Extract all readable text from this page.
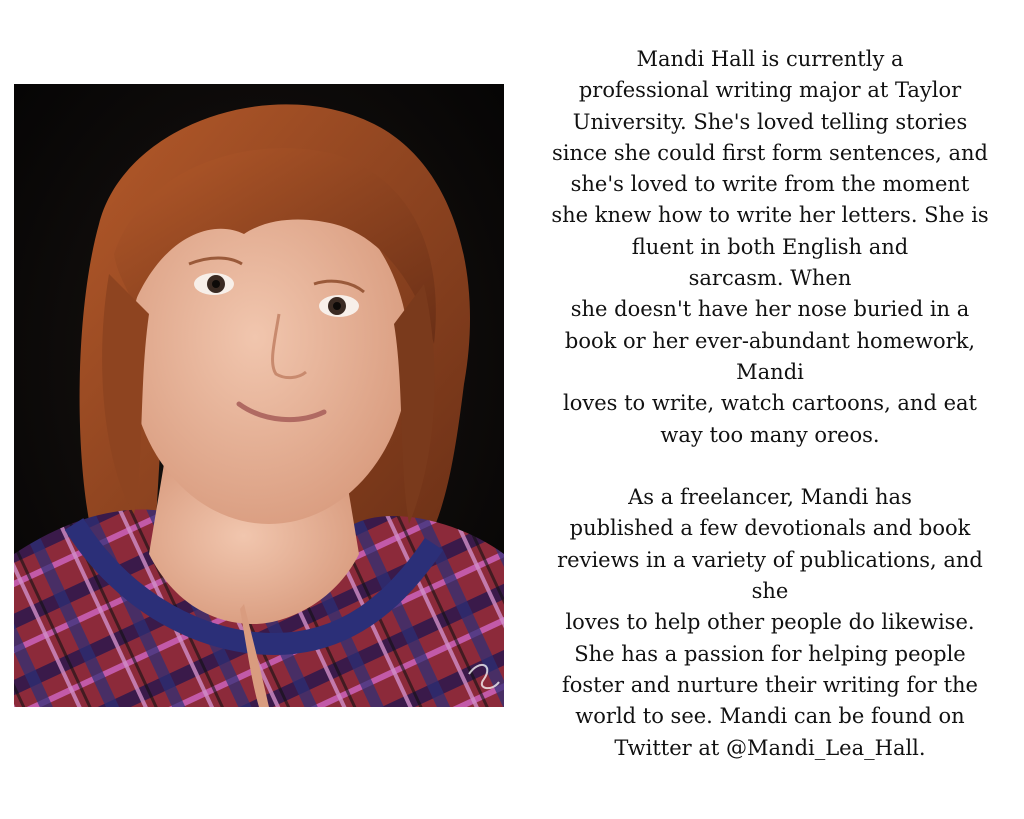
Mandi Hall is currently a
professional writing major at Taylor
University. She's loved telling stories
since she could first form sentences, and
she's loved to write from the moment
she knew how to write her letters. She is
fluent in both English and
sarcasm. When
she doesn't have her nose buried in a
book or her ever-abundant homework,
Mandi
loves to write, watch cartoons, and eat
way too many oreos.

As a freelancer, Mandi has
published a few devotionals and book
reviews in a variety of publications, and
she
loves to help other people do likewise.
She has a passion for helping people
foster and nurture their writing for the
world to see. Mandi can be found on
Twitter at @Mandi_Lea_Hall.
